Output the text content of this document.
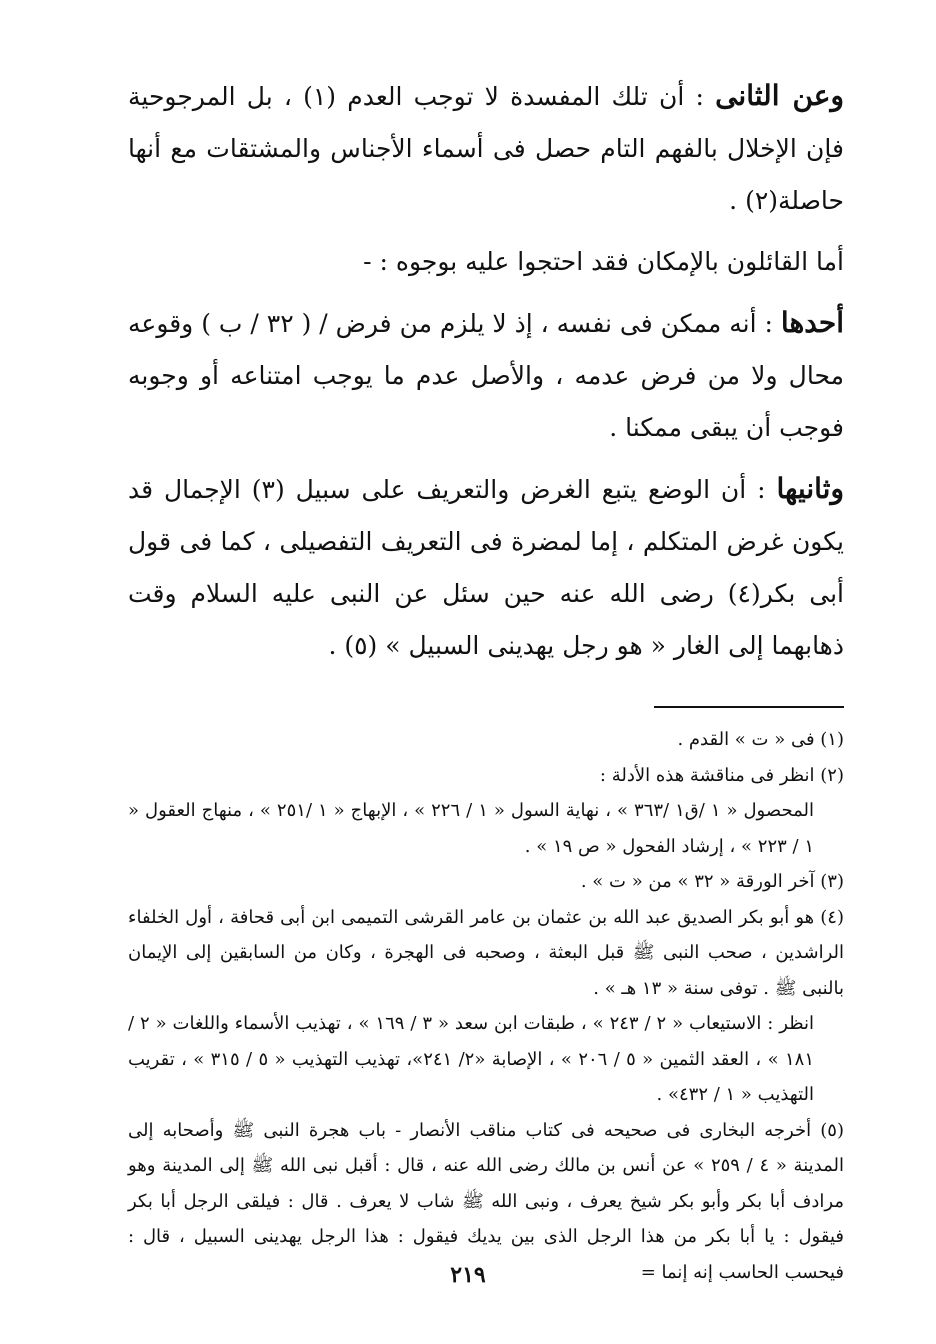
وعن الثانى : أن تلك المفسدة لا توجب العدم (١) ، بل المرجوحية فإن الإخلال بالفهم التام حصل فى أسماء الأجناس والمشتقات مع أنها حاصلة(٢) .

أما القائلون بالإمكان فقد احتجوا عليه بوجوه : -

أحدها : أنه ممكن فى نفسه ، إذ لا يلزم من فرض / ( ٣٢ / ب ) وقوعه محال ولا من فرض عدمه ، والأصل عدم ما يوجب امتناعه أو وجوبه فوجب أن يبقى ممكنا .

وثانيها : أن الوضع يتبع الغرض والتعريف على سبيل (٣) الإجمال قد يكون غرض المتكلم ، إما لمضرة فى التعريف التفصيلى ، كما فى قول أبى بكر(٤) رضى الله عنه حين سئل عن النبى عليه السلام وقت ذهابهما إلى الغار « هو رجل يهدينى السبيل » (٥) .

(١) فى « ت » القدم .

(٢) انظر فى مناقشة هذه الأدلة :

المحصول « ١ /ق١ /٣٦٣ » ، نهاية السول « ١ / ٢٢٦ » ، الإبهاج « ١ /٢٥١ » ، منهاج العقول « ١ / ٢٢٣ » ، إرشاد الفحول « ص ١٩ » .

(٣) آخر الورقة « ٣٢ » من « ت » .

(٤) هو أبو بكر الصديق عبد الله بن عثمان بن عامر القرشى التميمى ابن أبى قحافة ، أول الخلفاء الراشدين ، صحب النبى ﷺ قبل البعثة ، وصحبه فى الهجرة ، وكان من السابقين إلى الإيمان بالنبى ﷺ . توفى سنة « ١٣ هـ » .

انظر : الاستيعاب « ٢ / ٢٤٣ » ، طبقات ابن سعد « ٣ / ١٦٩ » ، تهذيب الأسماء واللغات « ٢ / ١٨١ » ، العقد الثمين « ٥ / ٢٠٦ » ، الإصابة «٢/ ٢٤١»، تهذيب التهذيب « ٥ / ٣١٥ » ، تقريب التهذيب « ١ / ٤٣٢» .

(٥) أخرجه البخارى فى صحيحه فى كتاب مناقب الأنصار - باب هجرة النبى ﷺ وأصحابه إلى المدينة « ٤ / ٢٥٩ » عن أنس بن مالك رضى الله عنه ، قال : أقبل نبى الله ﷺ إلى المدينة وهو مرادف أبا بكر وأبو بكر شيخ يعرف ، ونبى الله ﷺ شاب لا يعرف . قال : فيلقى الرجل أبا بكر فيقول : يا أبا بكر من هذا الرجل الذى بين يديك فيقول : هذا الرجل يهدينى السبيل ، قال : فيحسب الحاسب إنه إنما =

٢١٩
